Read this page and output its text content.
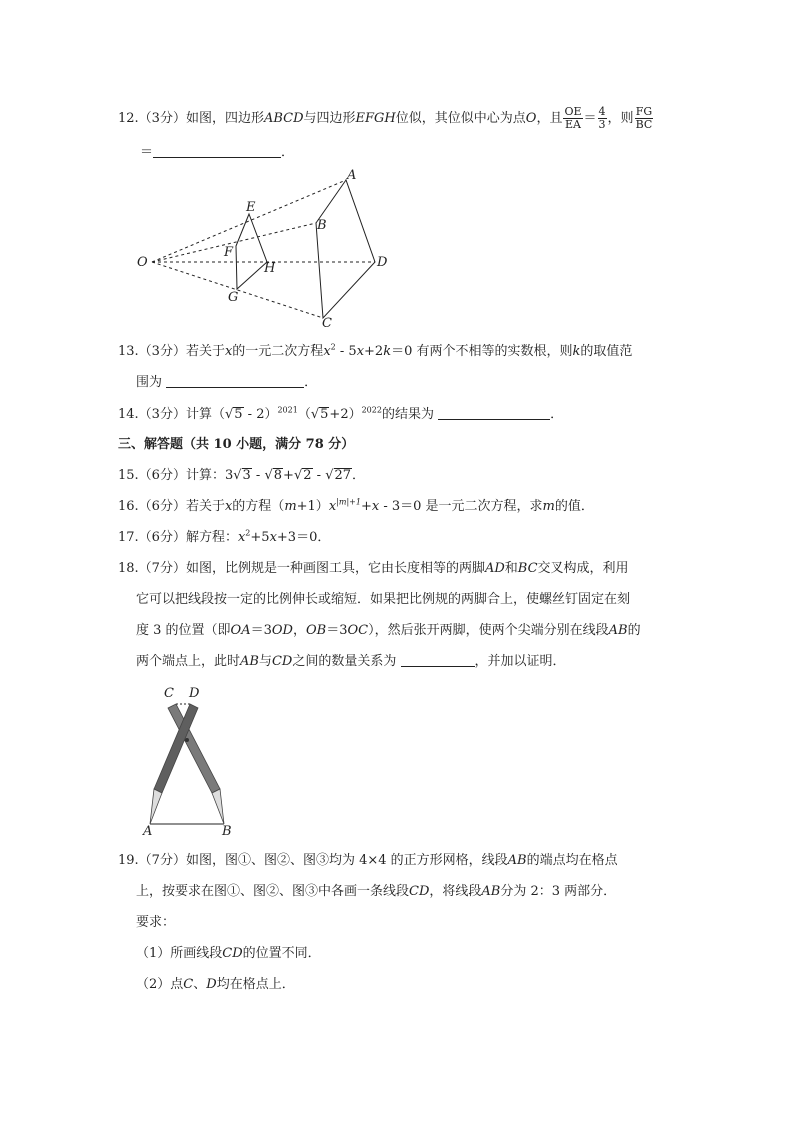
12.（3分）如图，四边形ABCD与四边形EFGH位似，其位似中心为点O，且 $\frac{OE}{EA} = \frac{4}{3}$ ，则 $\frac{FG}{BC}$
＝	．
A
B
C
D
E
F
G
H
O
13.（3分）若关于x的一元二次方程$x^2 - 5x+2k=0$ 有两个不相等的实数根，则k的取值范
围为	．
14.（3分）计算$(√5 - 2)^{2021}(√5+2)^{2022}$的结果为	．
三、解答题（共 10 小题，满分 78 分）
15.（6分）计算：3√3 - √8+√2 - √27．
16.（6分）若关于x的方程$(m+1)x^{|m|+1}+x - 3=0$ 是一元二次方程，求m的值．
17.（6分）解方程：$x^2+5x+3=0$．
18.（7分）如图，比例规是一种画图工具，它由长度相等的两脚AD和BC交叉构成，利用
它可以把线段按一定的比例伸长或缩短．如果把比例规的两脚合上，使螺丝钉固定在刻
度 3 的位置（即OA＝3OD，OB＝3OC），然后张开两脚，使两个尖端分别在线段AB的
两个端点上，此时AB与CD之间的数量关系为	，并加以证明．
C D
A	B
19.（7分）如图，图①、图②、图③均为 4×4 的正方形网格，线段AB的端点均在格点
上，按要求在图①、图②、图③中各画一条线段CD，将线段AB分为 2：3 两部分．
要求：
（1）所画线段CD的位置不同．
（2）点C、D均在格点上．
